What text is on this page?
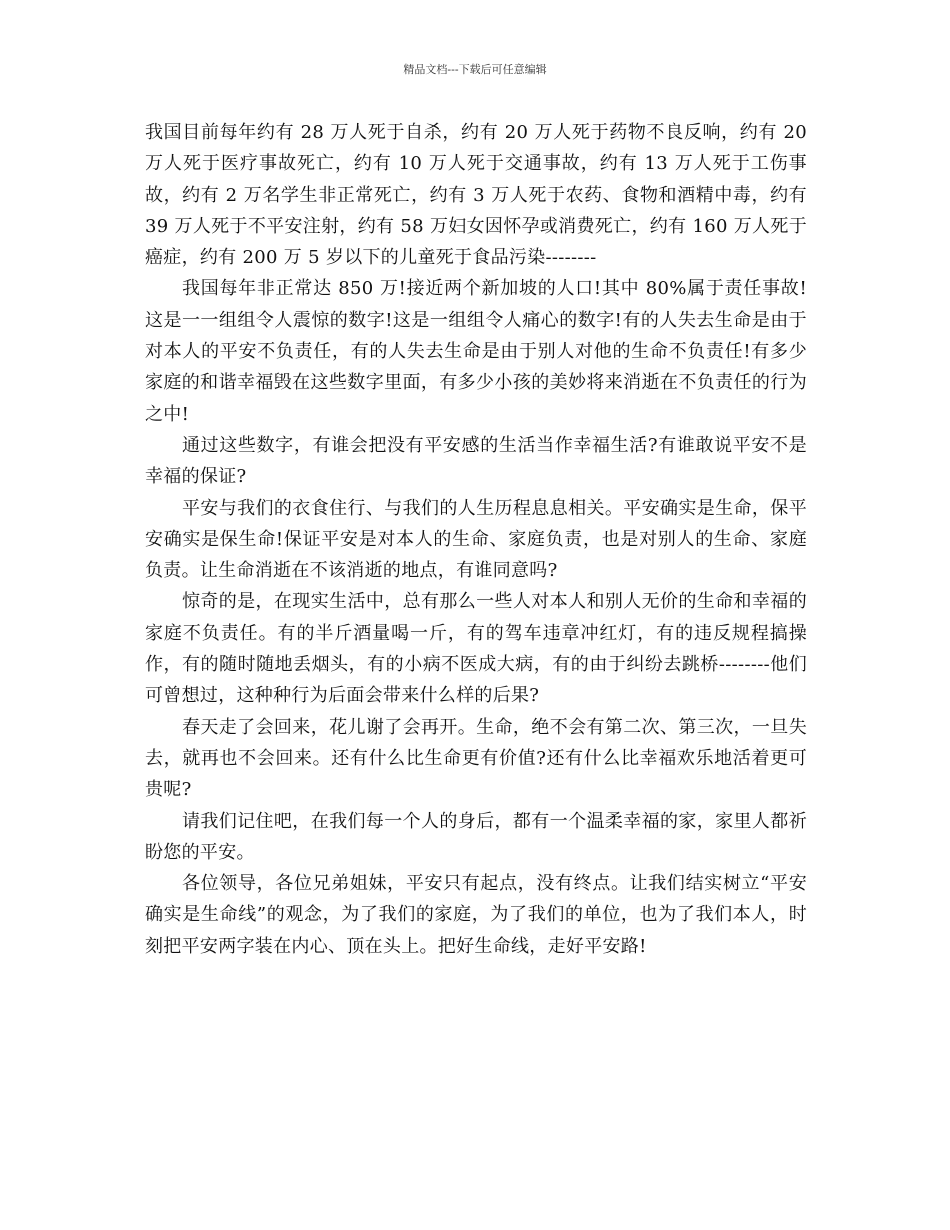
精品文档---下载后可任意编辑

我国目前每年约有 28 万人死于自杀，约有 20 万人死于药物不良反响，约有 20 万人死于医疗事故死亡，约有 10 万人死于交通事故，约有 13 万人死于工伤事故，约有 2 万名学生非正常死亡，约有 3 万人死于农药、食物和酒精中毒，约有 39 万人死于不平安注射，约有 58 万妇女因怀孕或消费死亡，约有 160 万人死于癌症，约有 200 万 5 岁以下的儿童死于食品污染--------

我国每年非正常达 850 万!接近两个新加坡的人口!其中 80%属于责任事故!这是一一组组令人震惊的数字!这是一组组令人痛心的数字!有的人失去生命是由于对本人的平安不负责任，有的人失去生命是由于别人对他的生命不负责任!有多少家庭的和谐幸福毁在这些数字里面，有多少小孩的美妙将来消逝在不负责任的行为之中!

通过这些数字，有谁会把没有平安感的生活当作幸福生活?有谁敢说平安不是幸福的保证?

平安与我们的衣食住行、与我们的人生历程息息相关。平安确实是生命，保平安确实是保生命!保证平安是对本人的生命、家庭负责，也是对别人的生命、家庭负责。让生命消逝在不该消逝的地点，有谁同意吗?

惊奇的是，在现实生活中，总有那么一些人对本人和别人无价的生命和幸福的家庭不负责任。有的半斤酒量喝一斤，有的驾车违章冲红灯，有的违反规程搞操作，有的随时随地丢烟头，有的小病不医成大病，有的由于纠纷去跳桥--------他们可曾想过，这种种行为后面会带来什么样的后果?

春天走了会回来，花儿谢了会再开。生命，绝不会有第二次、第三次，一旦失去，就再也不会回来。还有什么比生命更有价值?还有什么比幸福欢乐地活着更可贵呢?

请我们记住吧，在我们每一个人的身后，都有一个温柔幸福的家，家里人都祈盼您的平安。

各位领导，各位兄弟姐妹，平安只有起点，没有终点。让我们结实树立“平安确实是生命线”的观念，为了我们的家庭，为了我们的单位，也为了我们本人，时刻把平安两字装在内心、顶在头上。把好生命线，走好平安路!
